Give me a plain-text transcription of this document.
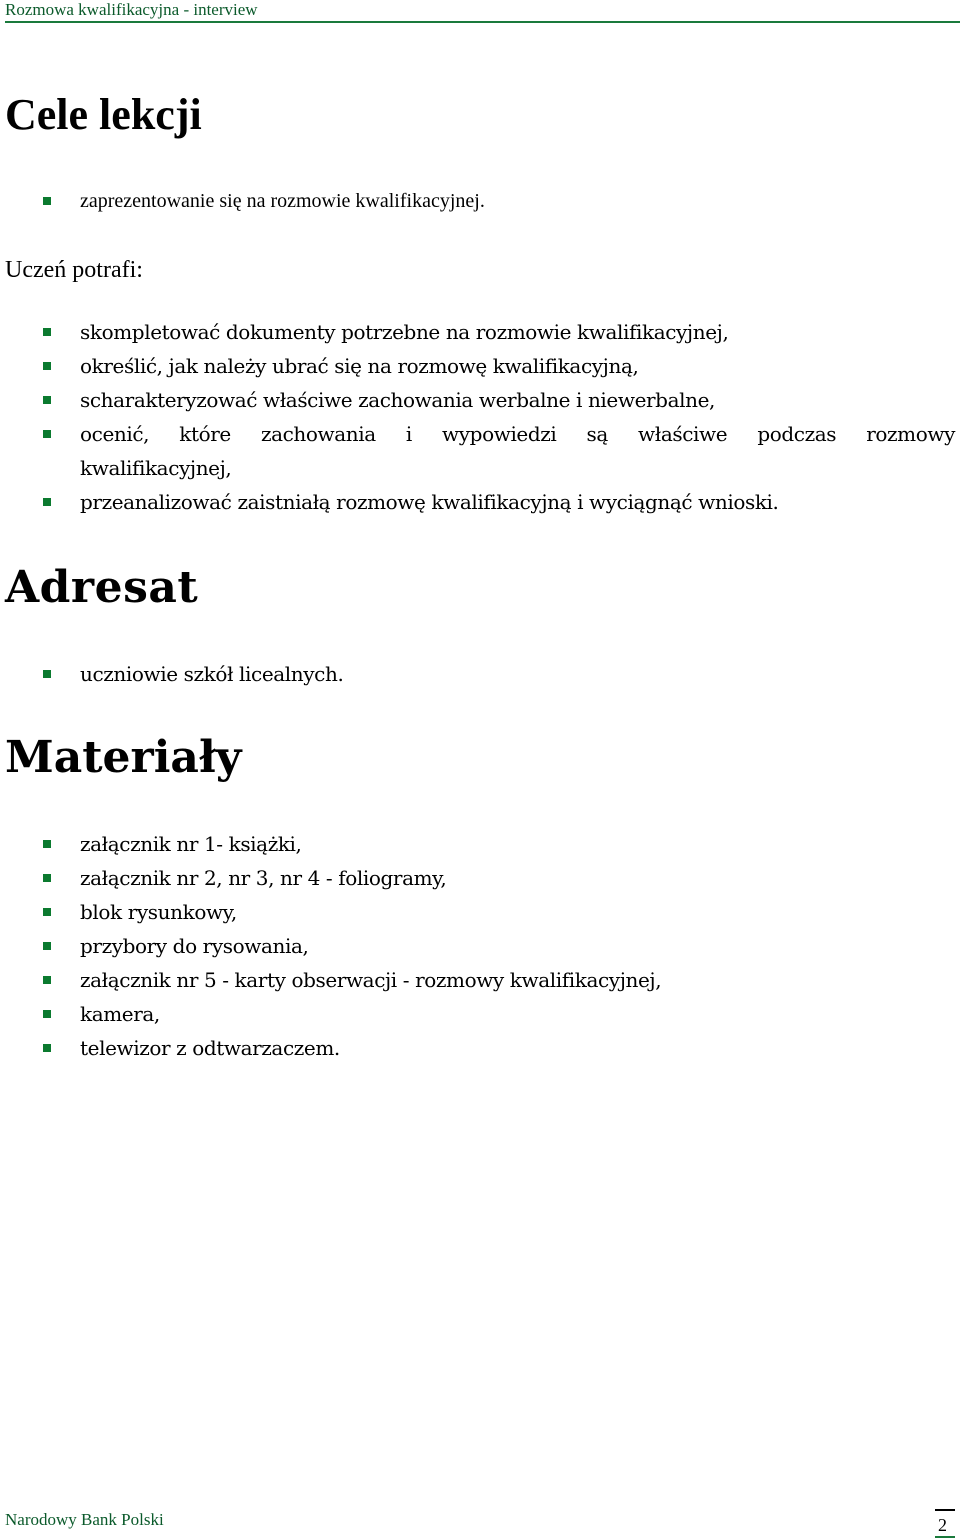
Rozmowa kwalifikacyjna - interview
Cele lekcji
zaprezentowanie się na rozmowie kwalifikacyjnej.
Uczeń potrafi:
skompletować dokumenty potrzebne na rozmowie kwalifikacyjnej,
określić, jak należy ubrać się na rozmowę kwalifikacyjną,
scharakteryzować właściwe zachowania werbalne i niewerbalne,
ocenić, które zachowania i wypowiedzi są właściwe podczas rozmowy
kwalifikacyjnej,
przeanalizować zaistniałą rozmowę kwalifikacyjną i wyciągnąć wnioski.
Adresat
uczniowie szkół licealnych.
Materiały
załącznik nr 1- książki,
załącznik nr 2, nr 3, nr 4 - foliogramy,
blok rysunkowy,
przybory do rysowania,
załącznik nr 5 - karty obserwacji - rozmowy kwalifikacyjnej,
kamera,
telewizor z odtwarzaczem.
Narodowy Bank Polski	2
